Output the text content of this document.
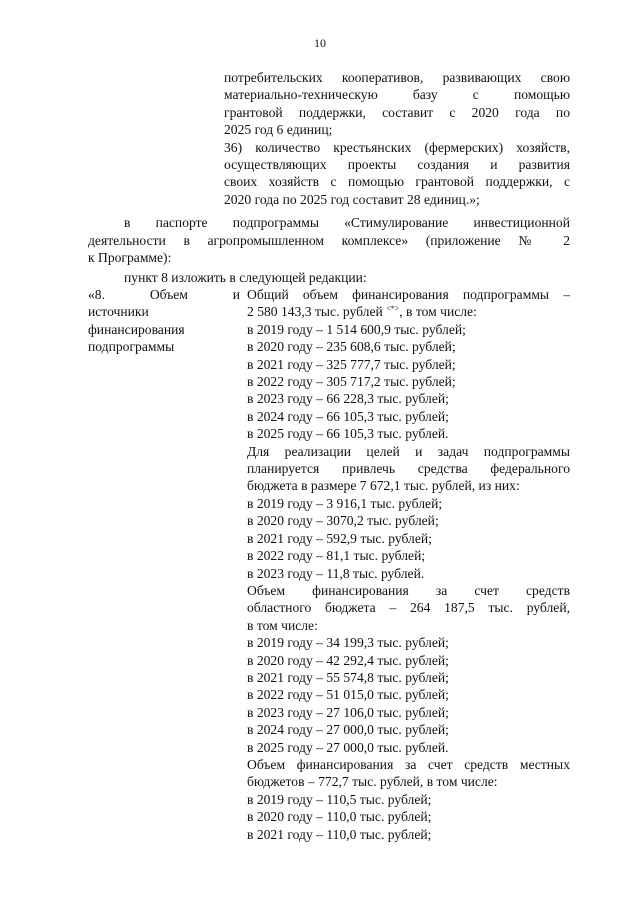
10
потребительских кооперативов, развивающих свою
материально-техническую базу с помощью
грантовой поддержки, составит с 2020 года по
2025 год 6 единиц;
36) количество крестьянских (фермерских) хозяйств,
осуществляющих проекты создания и развития
своих хозяйств с помощью грантовой поддержки, с
2020 года по 2025 год составит 28 единиц.»;
в паспорте подпрограммы «Стимулирование инвестиционной
деятельности в агропромышленном комплексе» (приложение № 2
к Программе):
пункт 8 изложить в следующей редакции:
«8.	Объем	и
источники
финансирования
подпрограммы
Общий объем финансирования подпрограммы –
2 580 143,3 тыс. рублей <*>, в том числе:
в 2019 году – 1 514 600,9 тыс. рублей;
в 2020 году – 235 608,6 тыс. рублей;
в 2021 году – 325 777,7 тыс. рублей;
в 2022 году – 305 717,2 тыс. рублей;
в 2023 году – 66 228,3 тыс. рублей;
в 2024 году – 66 105,3 тыс. рублей;
в 2025 году – 66 105,3 тыс. рублей.
Для реализации целей и задач подпрограммы
планируется привлечь средства федерального
бюджета в размере 7 672,1 тыс. рублей, из них:
в 2019 году – 3 916,1 тыс. рублей;
в 2020 году – 3070,2 тыс. рублей;
в 2021 году – 592,9 тыс. рублей;
в 2022 году – 81,1 тыс. рублей;
в 2023 году – 11,8 тыс. рублей.
Объем финансирования за счет средств
областного бюджета – 264 187,5 тыс. рублей,
в том числе:
в 2019 году – 34 199,3 тыс. рублей;
в 2020 году – 42 292,4 тыс. рублей;
в 2021 году – 55 574,8 тыс. рублей;
в 2022 году – 51 015,0 тыс. рублей;
в 2023 году – 27 106,0 тыс. рублей;
в 2024 году – 27 000,0 тыс. рублей;
в 2025 году – 27 000,0 тыс. рублей.
Объем финансирования за счет средств местных
бюджетов – 772,7 тыс. рублей, в том числе:
в 2019 году – 110,5 тыс. рублей;
в 2020 году – 110,0 тыс. рублей;
в 2021 году – 110,0 тыс. рублей;
